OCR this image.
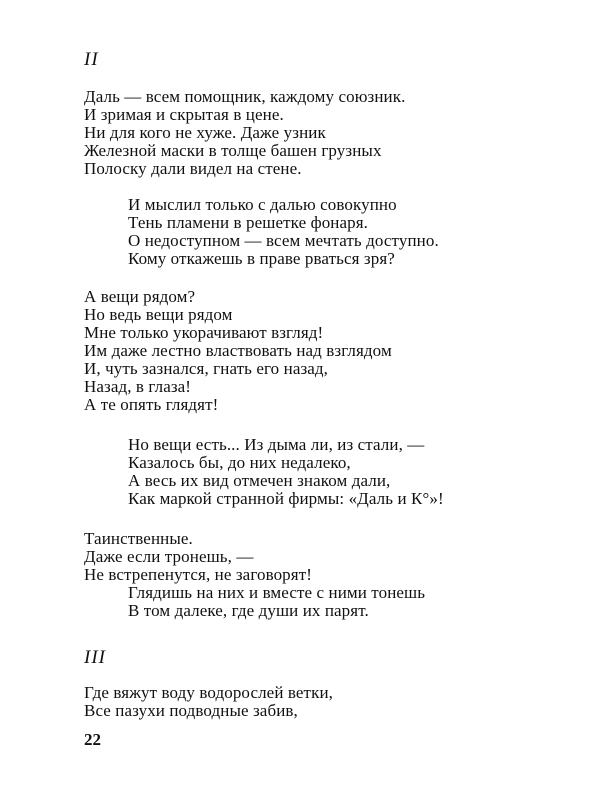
II
Даль — всем помощник, каждому союзник.
И зримая и скрытая в цене.
Ни для кого не хуже. Даже узник
Железной маски в толще башен грузных
Полоску дали видел на стене.
И мыслил только с далью совокупно
Тень пламени в решетке фонаря.
О недоступном — всем мечтать доступно.
Кому откажешь в праве рваться зря?
А вещи рядом?
Но ведь вещи рядом
Мне только укорачивают взгляд!
Им даже лестно властвовать над взглядом
И, чуть зазнался, гнать его назад,
Назад, в глаза!
А те опять глядят!
Но вещи есть... Из дыма ли, из стали, —
Казалось бы, до них недалеко,
А весь их вид отмечен знаком дали,
Как маркой странной фирмы: «Даль и К°»!
Таинственные.
Даже если тронешь, —
Не встрепенутся, не заговорят!
Глядишь на них и вместе с ними тонешь
В том далеке, где души их парят.
III
Где вяжут воду водорослей ветки,
Все пазухи подводные забив,

22
